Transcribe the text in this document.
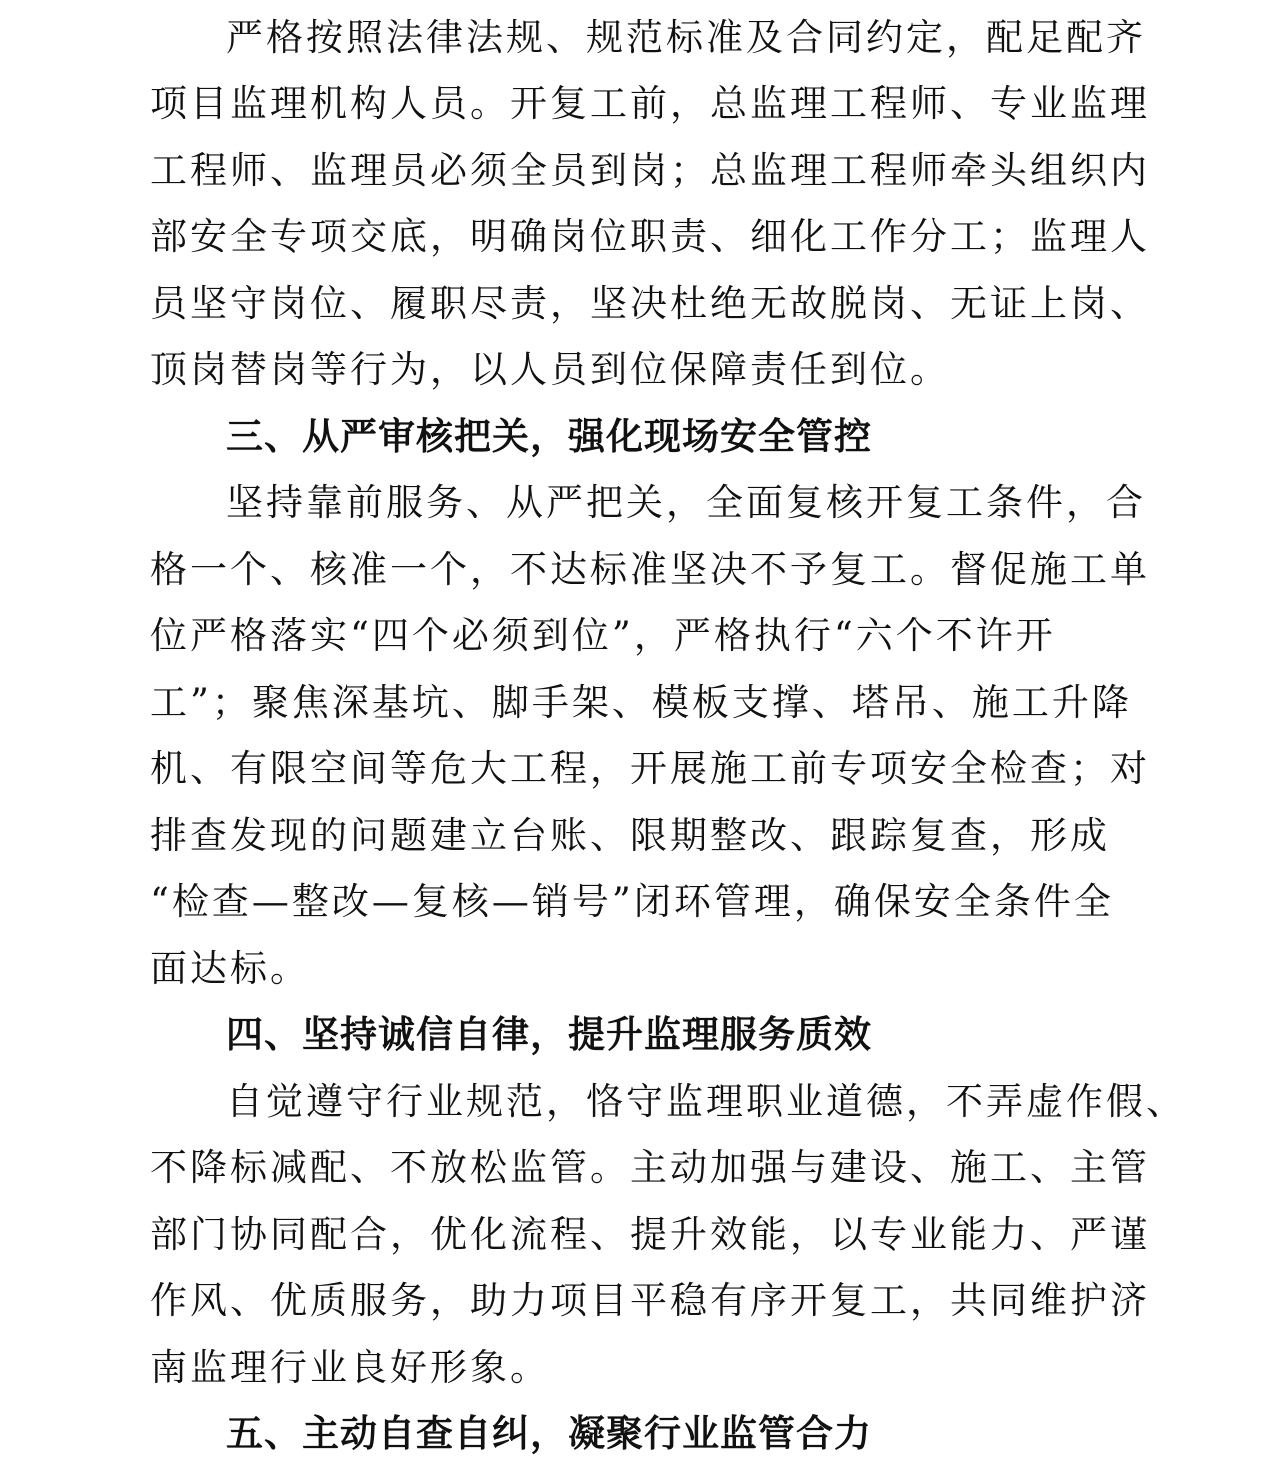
严格按照法律法规、规范标准及合同约定，配足配齐
项目监理机构人员。开复工前，总监理工程师、专业监理
工程师、监理员必须全员到岗；总监理工程师牵头组织内
部安全专项交底，明确岗位职责、细化工作分工；监理人
员坚守岗位、履职尽责，坚决杜绝无故脱岗、无证上岗、
顶岗替岗等行为，以人员到位保障责任到位。
三、从严审核把关，强化现场安全管控
坚持靠前服务、从严把关，全面复核开复工条件，合
格一个、核准一个，不达标准坚决不予复工。督促施工单
位严格落实“四个必须到位”，严格执行“六个不许开
工”；聚焦深基坑、脚手架、模板支撑、塔吊、施工升降
机、有限空间等危大工程，开展施工前专项安全检查；对
排查发现的问题建立台账、限期整改、跟踪复查，形成
“检查—整改—复核—销号”闭环管理，确保安全条件全
面达标。
四、坚持诚信自律，提升监理服务质效
自觉遵守行业规范，恪守监理职业道德，不弄虚作假、
不降标减配、不放松监管。主动加强与建设、施工、主管
部门协同配合，优化流程、提升效能，以专业能力、严谨
作风、优质服务，助力项目平稳有序开复工，共同维护济
南监理行业良好形象。
五、主动自查自纠，凝聚行业监管合力
